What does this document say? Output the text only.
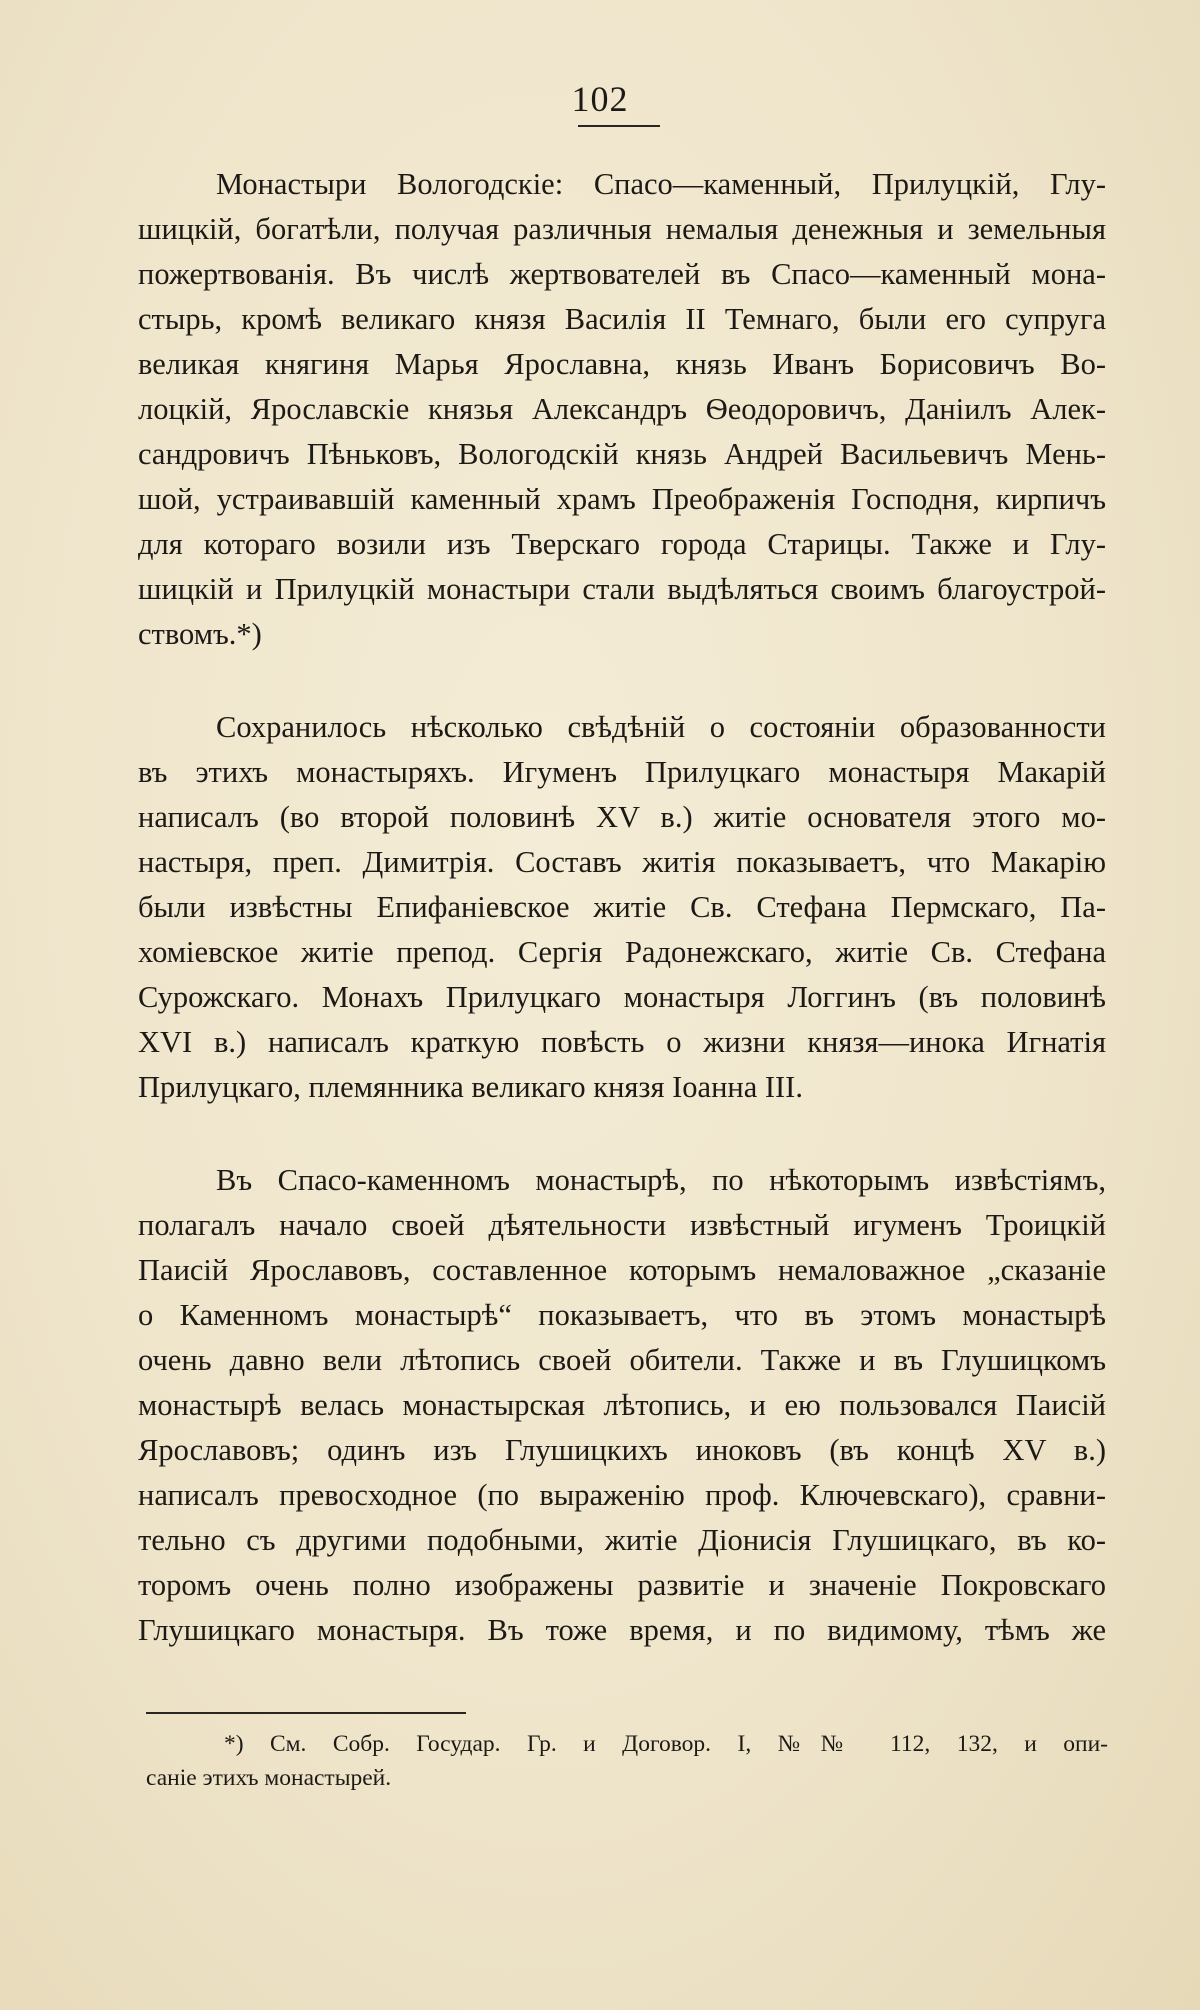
102
Монастыри Вологодскіе: Спасо—каменный, Прилуцкій, Глу-
шицкій, богатѣли, получая различныя немалыя денежныя и земельныя
пожертвованія. Въ числѣ жертвователей въ Спасо—каменный мона-
стырь, кромѣ великаго князя Василія II Темнаго, были его супруга
великая княгиня Марья Ярославна, князь Иванъ Борисовичъ Во-
лоцкій, Ярославскіе князья Александръ Ѳеодоровичъ, Даніилъ Алек-
сандровичъ Пѣньковъ, Вологодскій князь Андрей Васильевичъ Мень-
шой, устраивавшій каменный храмъ Преображенія Господня, кирпичъ
для котораго возили изъ Тверскаго города Старицы. Также и Глу-
шицкій и Прилуцкій монастыри стали выдѣляться своимъ благоустрой-
ствомъ.*)
Сохранилось нѣсколько свѣдѣній о состояніи образованности
въ этихъ монастыряхъ. Игуменъ Прилуцкаго монастыря Макарій
написалъ (во второй половинѣ XV в.) житіе основателя этого мо-
настыря, преп. Димитрія. Составъ житія показываетъ, что Макарію
были извѣстны Епифаніевское житіе Св. Стефана Пермскаго, Па-
хоміевское житіе препод. Сергія Радонежскаго, житіе Св. Стефана
Сурожскаго. Монахъ Прилуцкаго монастыря Логгинъ (въ половинѣ
XVI в.) написалъ краткую повѣсть о жизни князя—инока Игнатія
Прилуцкаго, племянника великаго князя Іоанна III.
Въ Спасо-каменномъ монастырѣ, по нѣкоторымъ извѣстіямъ,
полагалъ начало своей дѣятельности извѣстный игуменъ Троицкій
Паисій Ярославовъ, составленное которымъ немаловажное „сказаніе
о Каменномъ монастырѣ“ показываетъ, что въ этомъ монастырѣ
очень давно вели лѣтопись своей обители. Также и въ Глушицкомъ
монастырѣ велась монастырская лѣтопись, и ею пользовался Паисій
Ярославовъ; одинъ изъ Глушицкихъ иноковъ (въ концѣ XV в.)
написалъ превосходное (по выраженію проф. Ключевскаго), сравни-
тельно съ другими подобными, житіе Діонисія Глушицкаго, въ ко-
торомъ очень полно изображены развитіе и значеніе Покровскаго
Глушицкаго монастыря. Въ тоже время, и по видимому, тѣмъ же
*) См. Собр. Государ. Гр. и Договор. I, №№ 112, 132, и опи-
саніе этихъ монастырей.
